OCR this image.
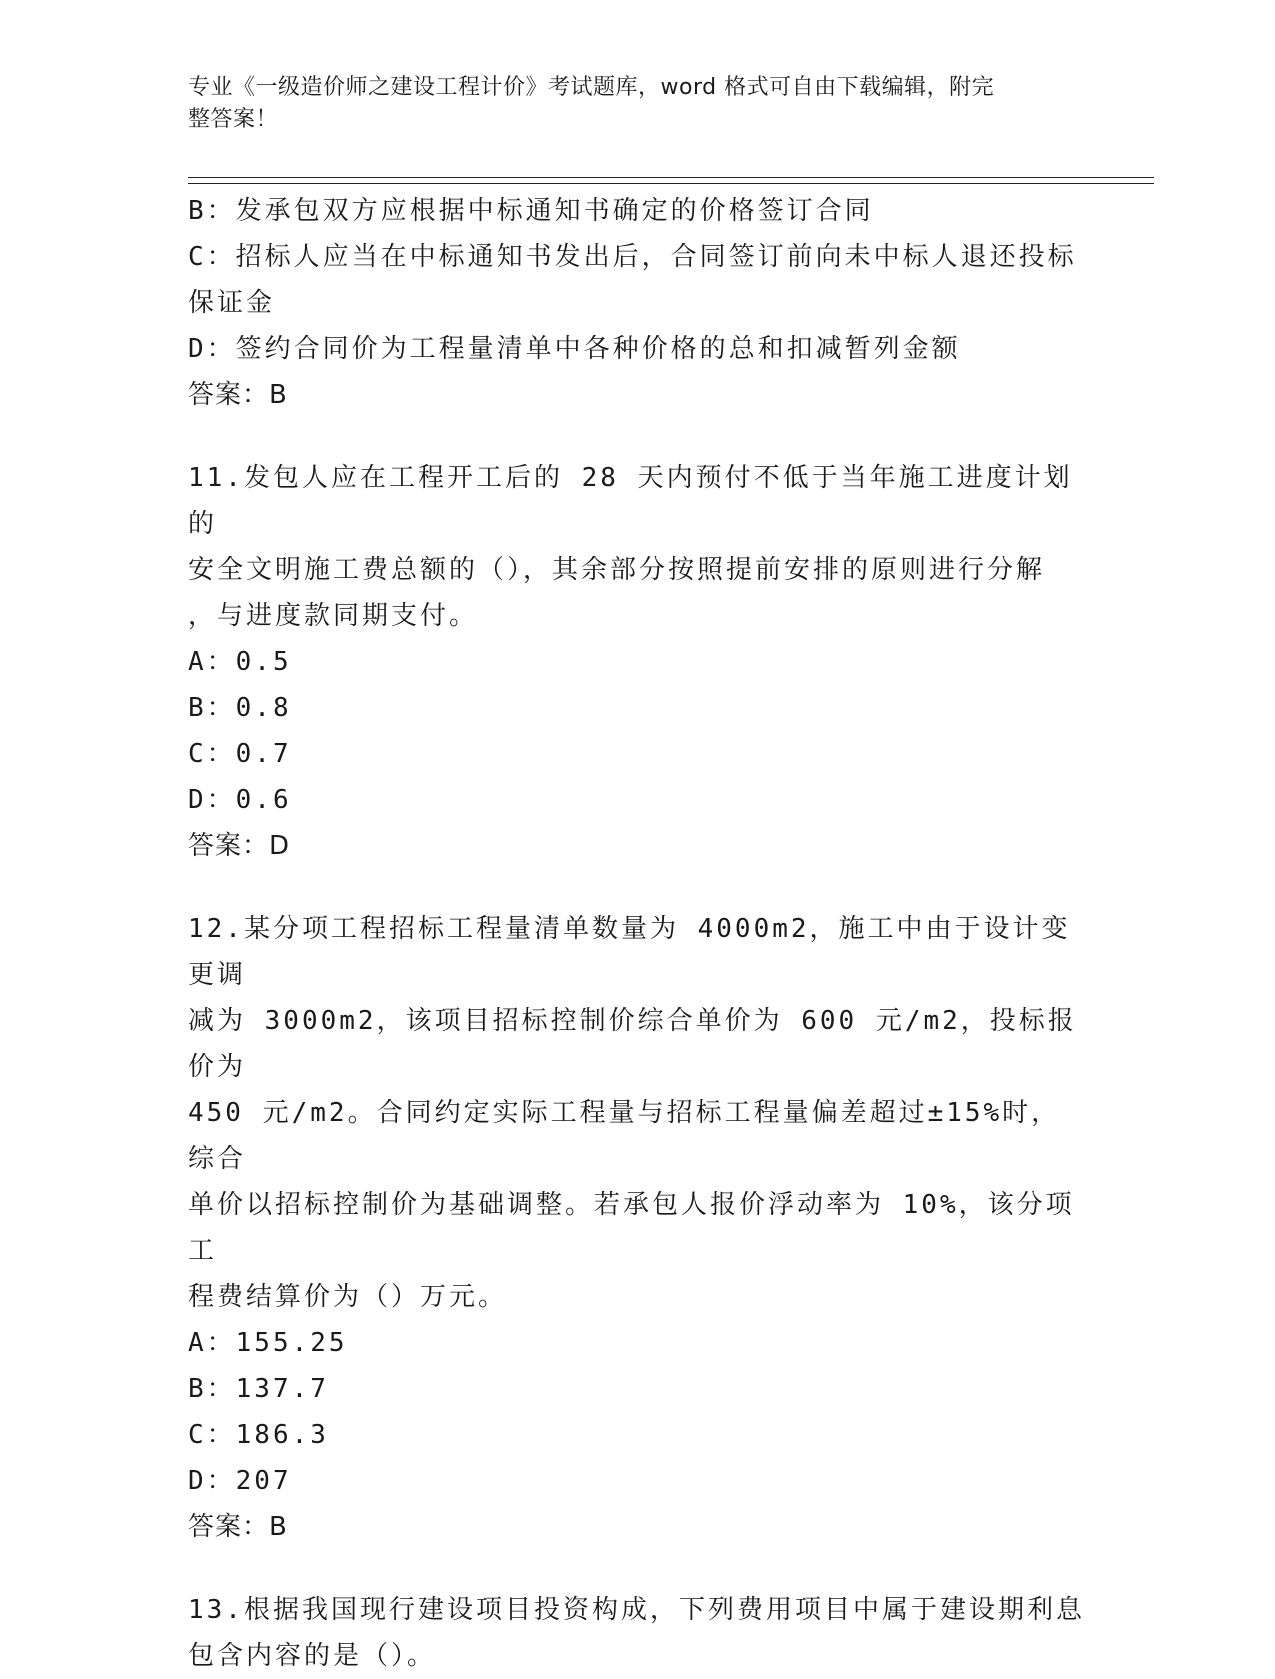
专业《一级造价师之建设工程计价》考试题库，word 格式可自由下载编辑，附完
整答案！
B：发承包双方应根据中标通知书确定的价格签订合同
C：招标人应当在中标通知书发出后，合同签订前向未中标人退还投标
保证金
D：签约合同价为工程量清单中各种价格的总和扣减暂列金额
答案：B
11.发包人应在工程开工后的 28 天内预付不低于当年施工进度计划的
安全文明施工费总额的（），其余部分按照提前安排的原则进行分解
，与进度款同期支付。
A：0.5
B：0.8
C：0.7
D：0.6
答案：D
12.某分项工程招标工程量清单数量为 4000m2，施工中由于设计变更调
减为 3000m2，该项目招标控制价综合单价为 600 元/m2，投标报价为
450 元/m2。合同约定实际工程量与招标工程量偏差超过±15%时，综合
单价以招标控制价为基础调整。若承包人报价浮动率为 10%，该分项工
程费结算价为（）万元。
A：155.25
B：137.7
C：186.3
D：207
答案：B
13.根据我国现行建设项目投资构成，下列费用项目中属于建设期利息
包含内容的是（）。
